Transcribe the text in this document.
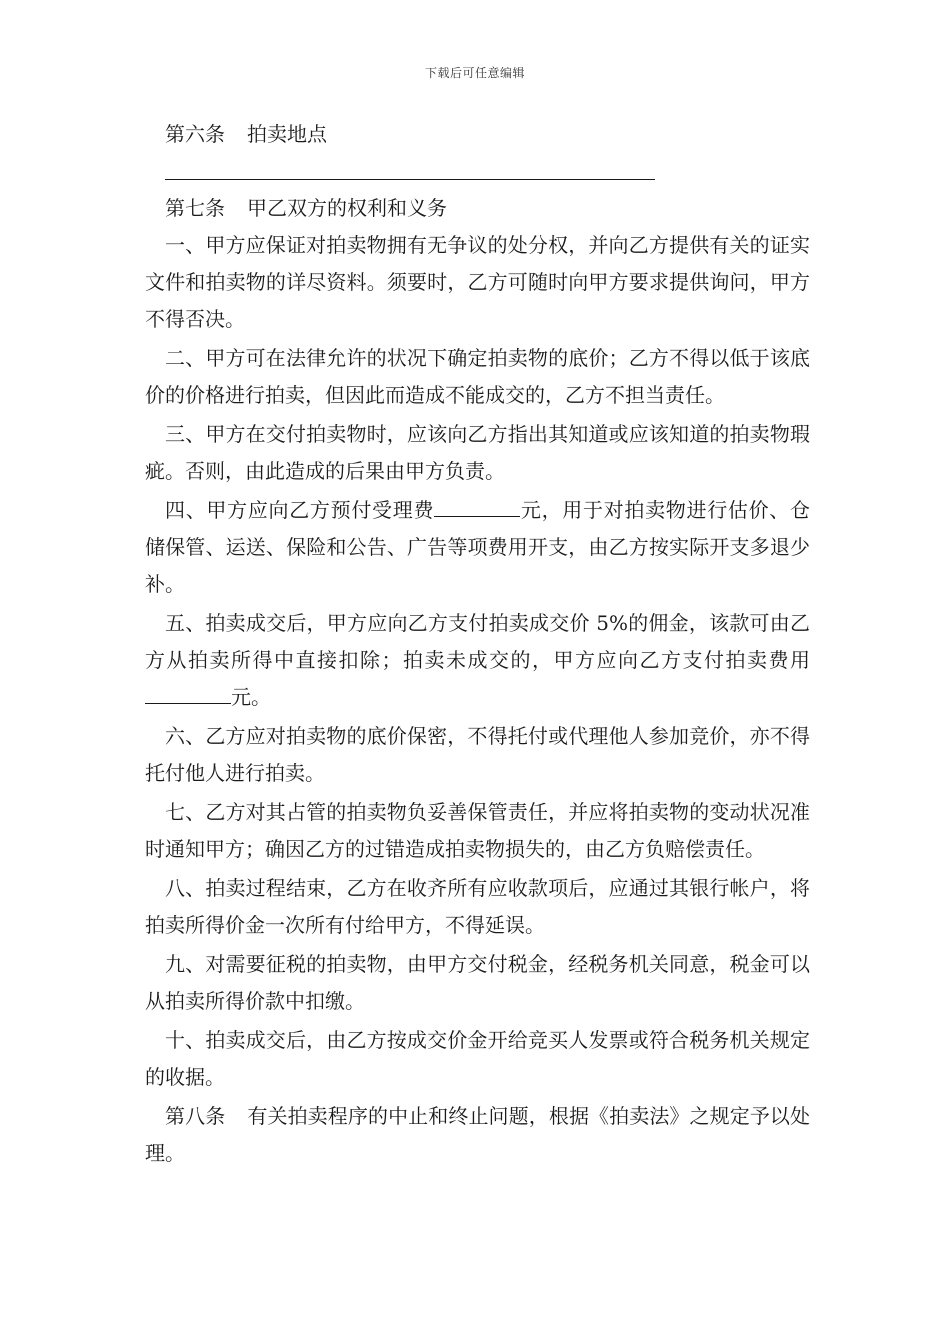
下载后可任意编辑

第六条 拍卖地点

第七条 甲乙双方的权利和义务

一、甲方应保证对拍卖物拥有无争议的处分权，并向乙方提供有关的证实文件和拍卖物的详尽资料。须要时，乙方可随时向甲方要求提供询问，甲方不得否决。

二、甲方可在法律允许的状况下确定拍卖物的底价；乙方不得以低于该底价的价格进行拍卖，但因此而造成不能成交的，乙方不担当责任。

三、甲方在交付拍卖物时，应该向乙方指出其知道或应该知道的拍卖物瑕疵。否则，由此造成的后果由甲方负责。

四、甲方应向乙方预付受理费	元，用于对拍卖物进行估价、仓储保管、运送、保险和公告、广告等项费用开支，由乙方按实际开支多退少补。

五、拍卖成交后，甲方应向乙方支付拍卖成交价 5%的佣金，该款可由乙方从拍卖所得中直接扣除；拍卖未成交的，甲方应向乙方支付拍卖费用元。

六、乙方应对拍卖物的底价保密，不得托付或代理他人参加竞价，亦不得托付他人进行拍卖。

七、乙方对其占管的拍卖物负妥善保管责任，并应将拍卖物的变动状况准时通知甲方；确因乙方的过错造成拍卖物损失的，由乙方负赔偿责任。

八、拍卖过程结束，乙方在收齐所有应收款项后，应通过其银行帐户，将拍卖所得价金一次所有付给甲方，不得延误。

九、对需要征税的拍卖物，由甲方交付税金，经税务机关同意，税金可以从拍卖所得价款中扣缴。

十、拍卖成交后，由乙方按成交价金开给竞买人发票或符合税务机关规定的收据。

第八条 有关拍卖程序的中止和终止问题，根据《拍卖法》之规定予以处理。
